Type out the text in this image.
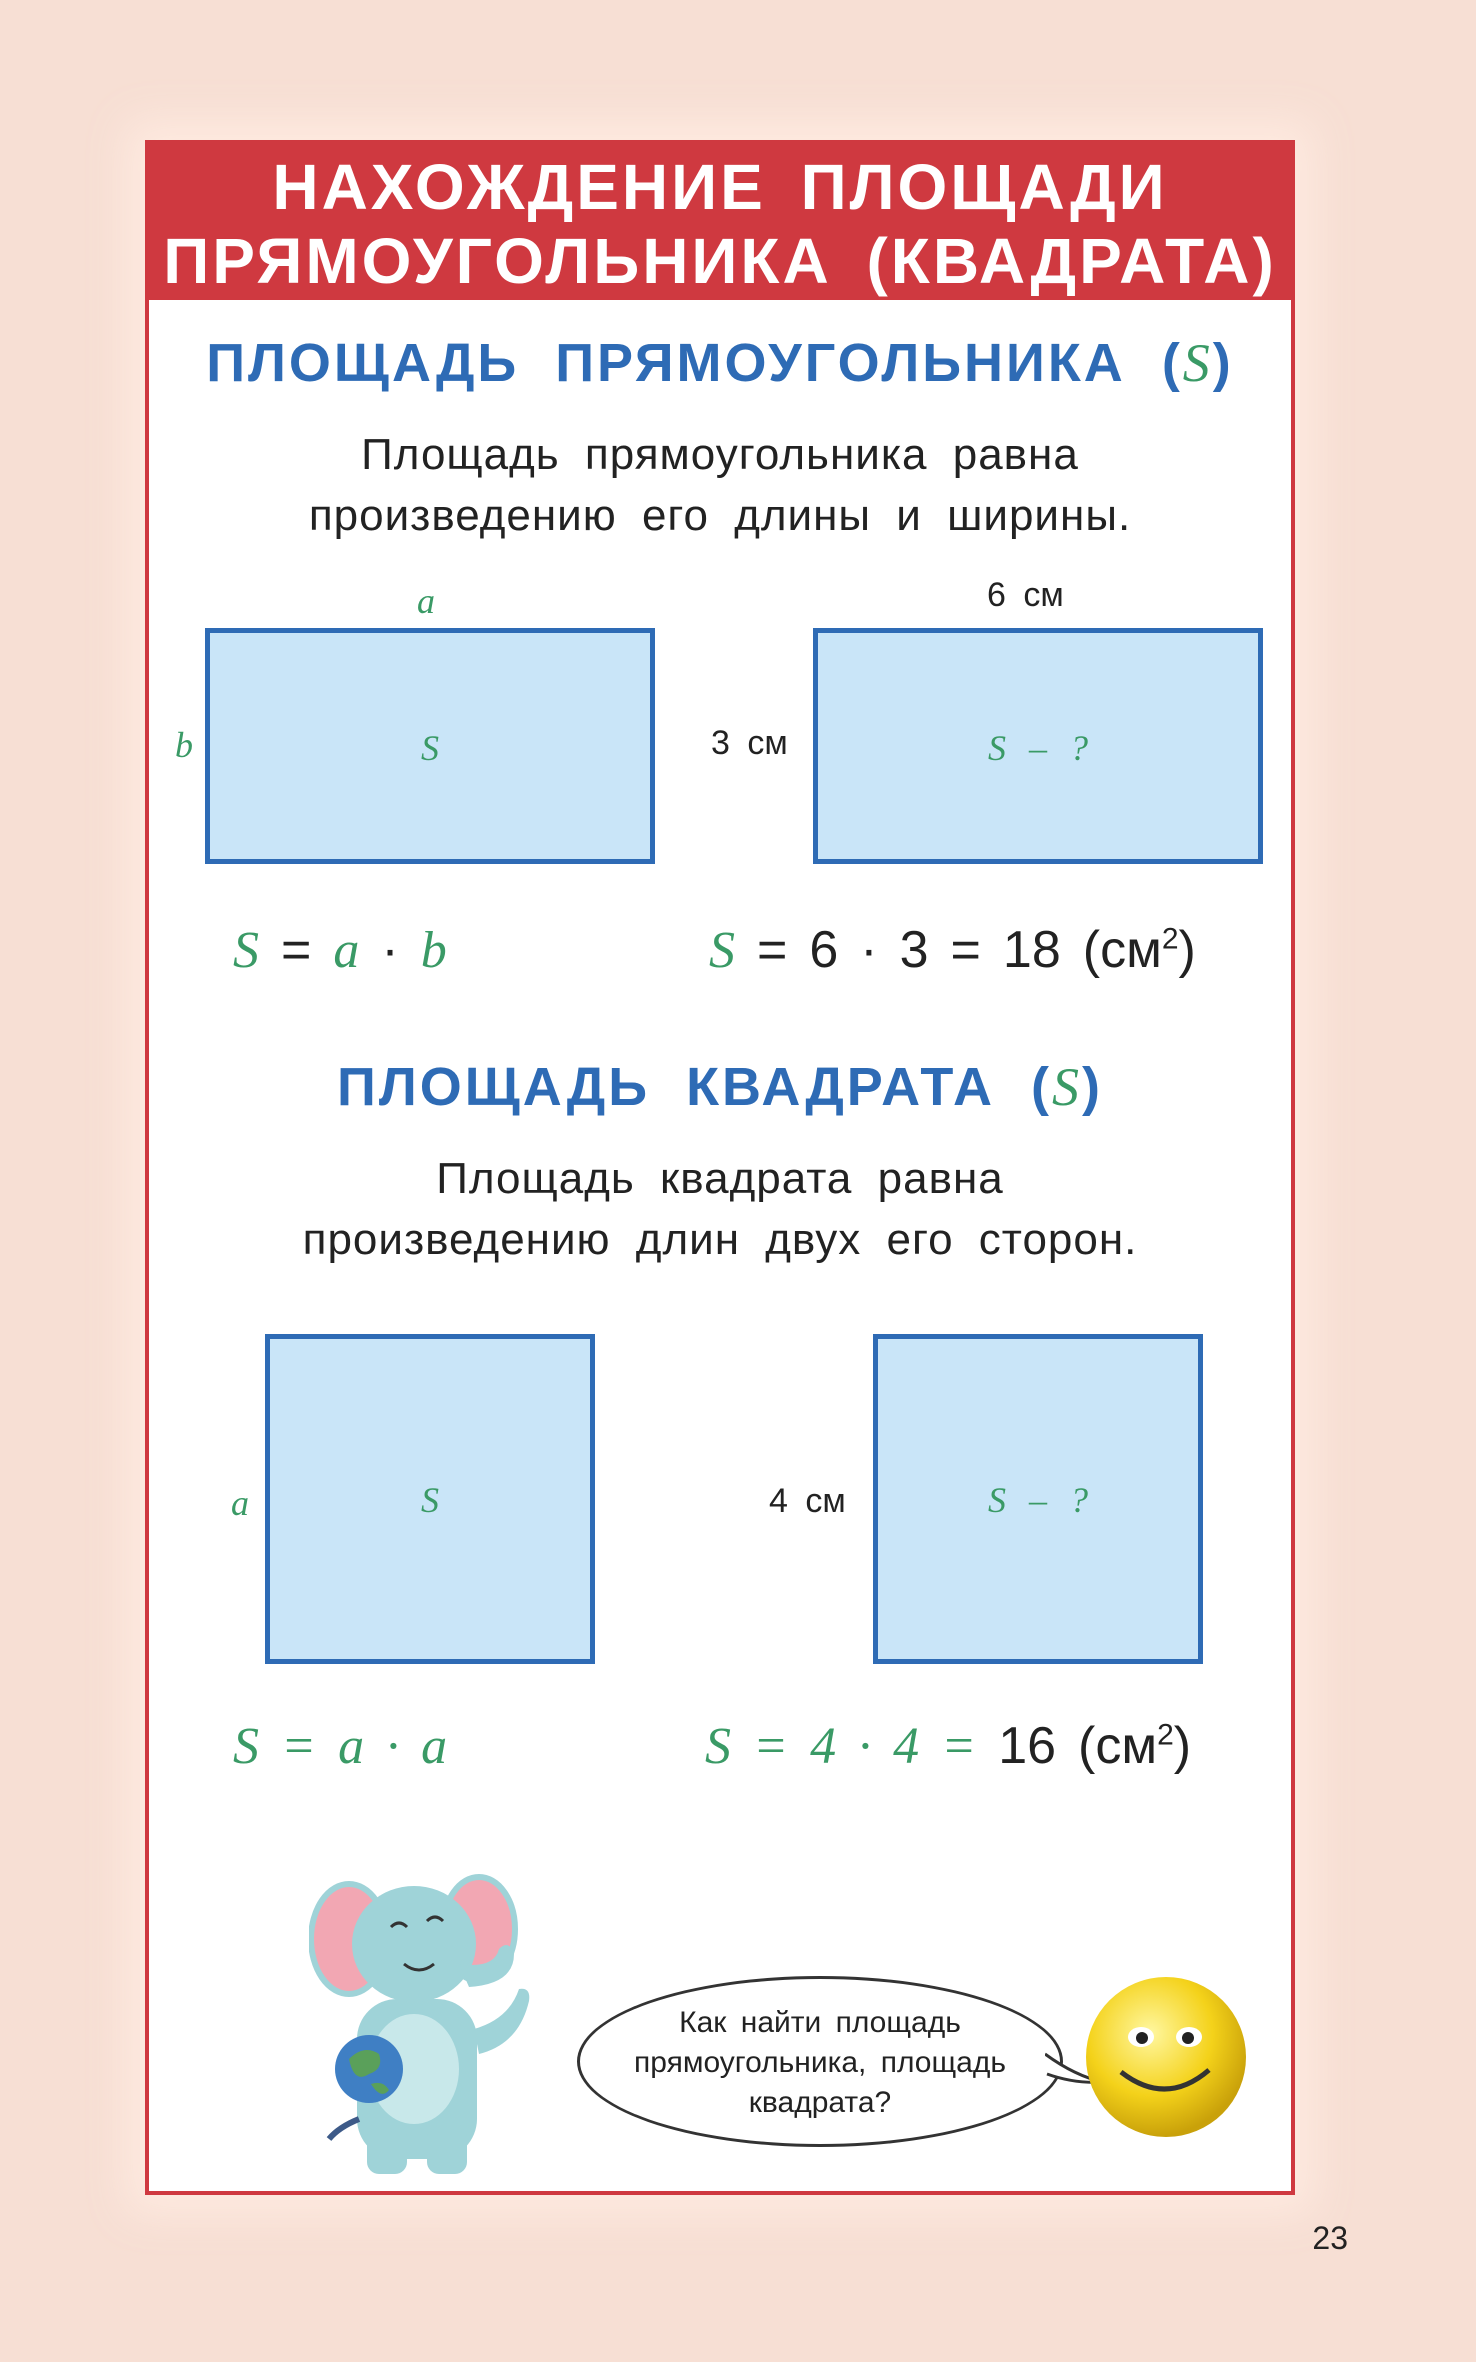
НАХОЖДЕНИЕ ПЛОЩАДИ
ПРЯМОУГОЛЬНИКА (КВАДРАТА)
ПЛОЩАДЬ ПРЯМОУГОЛЬНИКА (S)
Площадь прямоугольника равна
произведению его длины и ширины.
a
b	S
6 см
3 см	S – ?
S = a · b	S = 6 · 3 = 18 $(см^2)$
ПЛОЩАДЬ КВАДРАТА (S)
Площадь квадрата равна
произведению длин двух его сторон.
a	S	4 см	S – ?
S = a · a	S = 4 · 4 = 16 $(см^2)$
Как найти площадь
прямоугольника, площадь
квадрата?
23
